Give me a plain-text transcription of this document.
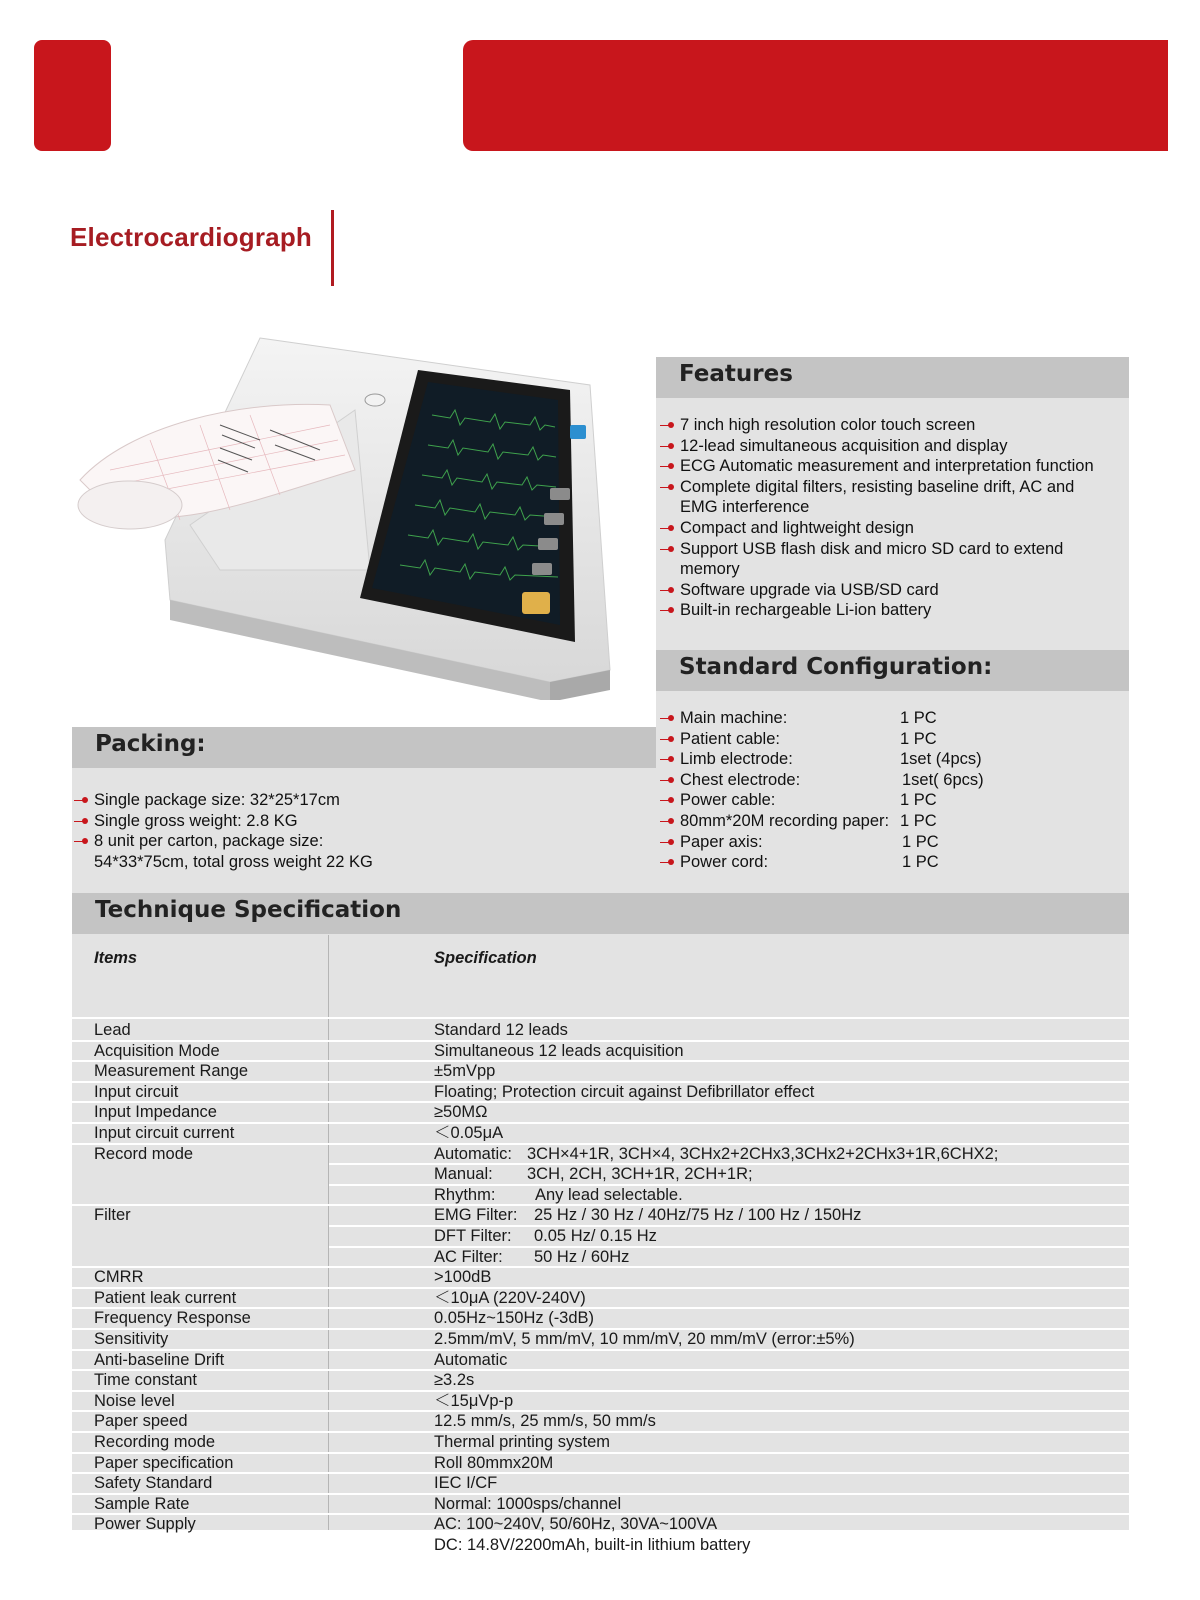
Electrocardiograph
Features
7 inch high resolution color touch screen
12-lead simultaneous acquisition and display
ECG Automatic measurement and interpretation function
Complete digital filters, resisting baseline drift, AC and
EMG interference
Compact and lightweight design
Support USB flash disk and micro SD card to extend
memory
Software upgrade via USB/SD card
Built-in rechargeable Li-ion battery
Standard Configuration:
Main machine:	1 PC
Patient cable:	1 PC
Limb electrode:	1set (4pcs)
Chest electrode:	1set( 6pcs)
Power cable:	1 PC
80mm*20M recording paper: 1 PC
Paper axis:	1 PC
Power cord:	1 PC
Packing:
Single package size: 32*25*17cm
Single gross weight: 2.8 KG
8 unit per carton, package size:
54*33*75cm, total gross weight 22 KG
Technique Specification
Items	Specification
Lead	Standard 12 leads
Acquisition Mode	Simultaneous 12 leads acquisition
Measurement Range	±5mVpp
Input circuit	Floating; Protection circuit against Defibrillator effect
Input Impedance	≥50MΩ
Input circuit current	＜0.05μA
Record mode	Automatic: 3CH×4+1R, 3CH×4, 3CHx2+2CHx3,3CHx2+2CHx3+1R,6CHX2;
Manual: 3CH, 2CH, 3CH+1R, 2CH+1R;
Rhythm: Any lead selectable.
Filter	EMG Filter: 25 Hz / 30 Hz / 40Hz/75 Hz / 100 Hz / 150Hz
DFT Filter: 0.05 Hz/ 0.15 Hz
AC Filter: 50 Hz / 60Hz
CMRR	>100dB
Patient leak current	＜10μA (220V-240V)
Frequency Response	0.05Hz~150Hz (-3dB)
Sensitivity	2.5mm/mV, 5 mm/mV, 10 mm/mV, 20 mm/mV (error:±5%)
Anti-baseline Drift	Automatic
Time constant	≥3.2s
Noise level	＜15μVp-p
Paper speed	12.5 mm/s, 25 mm/s, 50 mm/s
Recording mode	Thermal printing system
Paper specification	Roll 80mmx20M
Safety Standard	IEC I/CF
Sample Rate	Normal: 1000sps/channel
Power Supply	AC: 100~240V, 50/60Hz, 30VA~100VA
DC: 14.8V/2200mAh, built-in lithium battery
